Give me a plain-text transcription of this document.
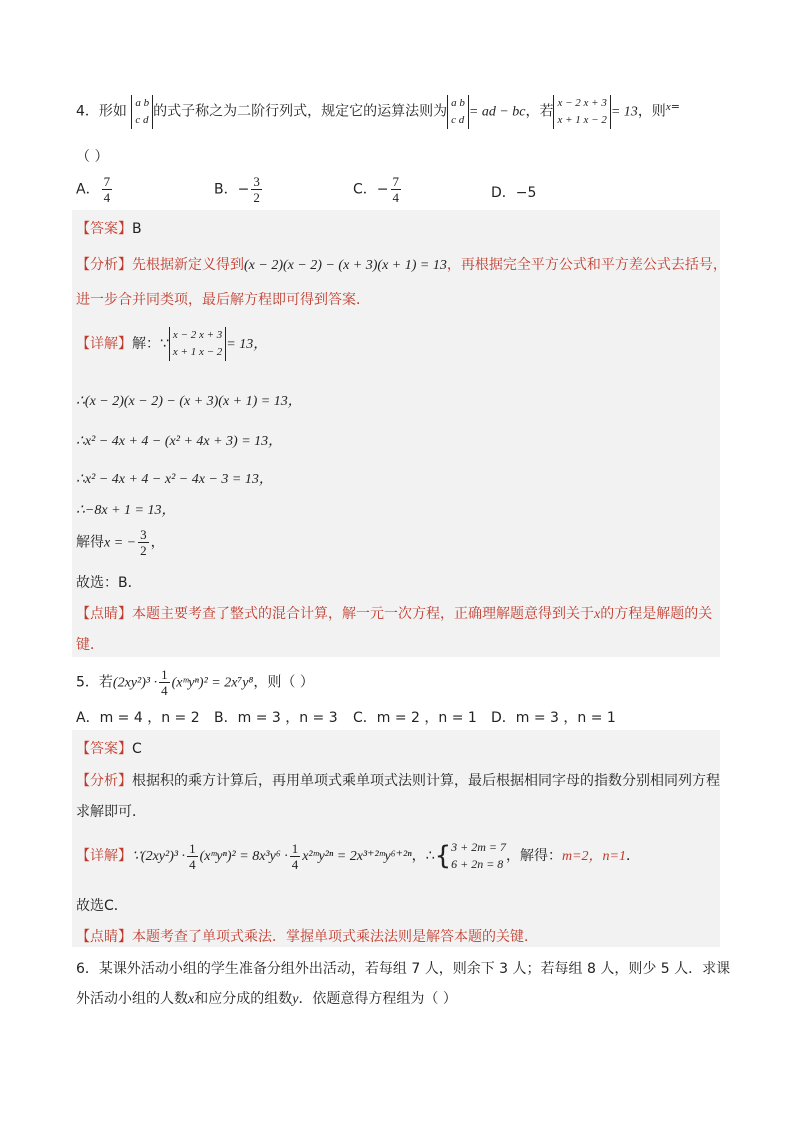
4．形如
a b
c d 的式子称之为二阶行列式，规定它的运算法则为
a b
c d = ad − bc，若
x − 2 x + 3
x + 1 x − 2 = 13，则$^{x=}$
（ ）
A． $\frac{7}{4}$	B．− $\frac{3}{2}$	C．− $\frac{7}{4}$	D．−5
【答案】B
【分析】先根据新定义得到(x − 2)(x − 2) − (x + 3)(x + 1) = 13，再根据完全平方公式和平方差公式去括号，
进一步合并同类项，最后解方程即可得到答案．
【详解】解：∵
x − 2 x + 3
x + 1 x − 2 = 13，
∴(x − 2)(x − 2) − (x + 3)(x + 1) = 13，
∴x² − 4x + 4 − (x² + 4x + 3) = 13，
∴x² − 4x + 4 − x² − 4x − 3 = 13，
∴−8x + 1 = 13，
解得x = − $\frac{3}{2}$ ，
故选：B．
【点睛】本题主要考查了整式的混合计算，解一元一次方程，正确理解题意得到关于x的方程是解题的关
键．
5．若$(2xy^2)^3 \cdot \frac{1}{4}$ (xᵐyⁿ)² = 2x⁷y⁸，则（ ）
A．m = 4 ，n = 2 B．m = 3 ，n = 3 C．m = 2 ，n = 1 D．m = 3 ，n = 1
【答案】C
【分析】根据积的乘方计算后，再用单项式乘单项式法则计算，最后根据相同字母的指数分别相同列方程
求解即可．
【详解】∵(2xy²)³ · $\frac{1}{4}$ (xᵐyⁿ)² = $8x^3y^6 \cdot \frac{1}{4}$ x²ᵐy²ⁿ = 2x³⁺²ᵐy⁶⁺²ⁿ，∴{ 3 + 2m = 7
6 + 2n = 8 ，解得：m=2，n=1．
故选C．
【点睛】本题考查了单项式乘法．掌握单项式乘法法则是解答本题的关键．
6．某课外活动小组的学生准备分组外出活动，若每组 7 人，则余下 3 人；若每组 8 人，则少 5 人．求课
外活动小组的人数x和应分成的组数y．依题意得方程组为（ ）
